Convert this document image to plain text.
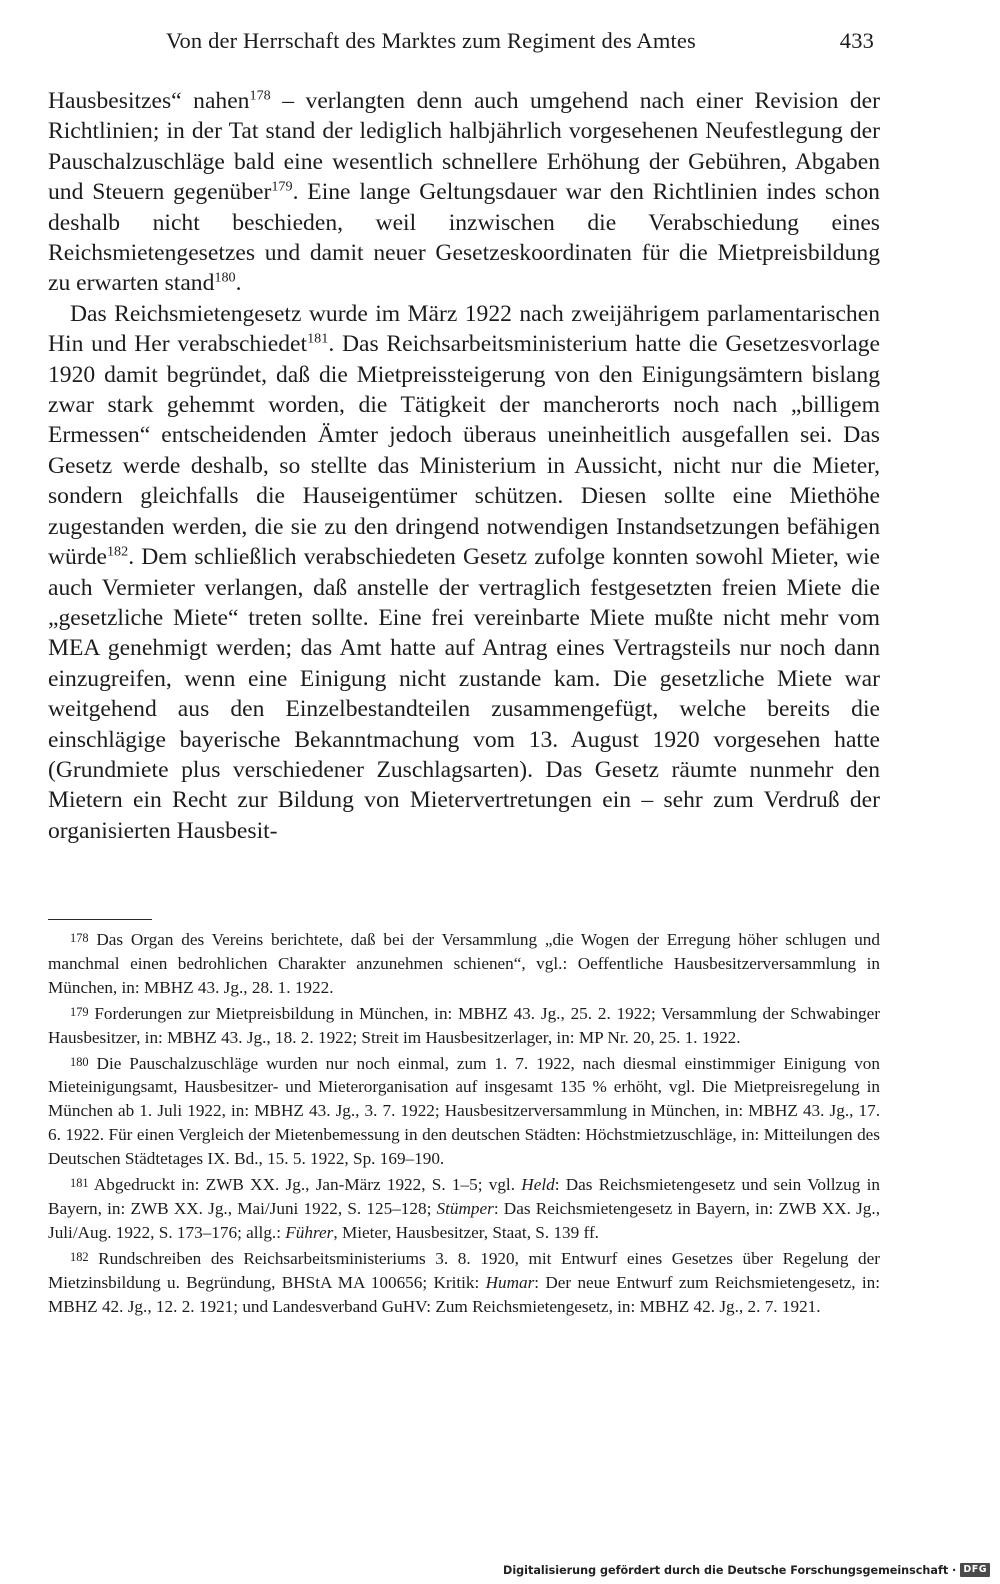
Von der Herrschaft des Marktes zum Regiment des Amtes	433

Hausbesitzes“ nahen$^{178}$ – verlangten denn auch umgehend nach einer Revision der Richtlinien; in der Tat stand der lediglich halbjährlich vorgesehenen Neufestlegung der Pauschalzuschläge bald eine wesentlich schnellere Erhöhung der Gebühren, Abgaben und Steuern gegenüber$^{179}$. Eine lange Geltungsdauer war den Richtlinien indes schon deshalb nicht beschieden, weil inzwischen die Verabschiedung eines Reichsmietengesetzes und damit neuer Gesetzeskoordinaten für die Mietpreisbildung zu erwarten stand$^{180}$.

Das Reichsmietengesetz wurde im März 1922 nach zweijährigem parlamentarischen Hin und Her verabschiedet$^{181}$. Das Reichsarbeitsministerium hatte die Gesetzesvorlage 1920 damit begründet, daß die Mietpreissteigerung von den Einigungsämtern bislang zwar stark gehemmt worden, die Tätigkeit der mancherorts noch nach „billigem Ermessen“ entscheidenden Ämter jedoch überaus uneinheitlich ausgefallen sei. Das Gesetz werde deshalb, so stellte das Ministerium in Aussicht, nicht nur die Mieter, sondern gleichfalls die Hauseigentümer schützen. Diesen sollte eine Miethöhe zugestanden werden, die sie zu den dringend notwendigen Instandsetzungen befähigen würde$^{182}$. Dem schließlich verabschiedeten Gesetz zufolge konnten sowohl Mieter, wie auch Vermieter verlangen, daß anstelle der vertraglich festgesetzten freien Miete die „gesetzliche Miete“ treten sollte. Eine frei vereinbarte Miete mußte nicht mehr vom MEA genehmigt werden; das Amt hatte auf Antrag eines Vertragsteils nur noch dann einzugreifen, wenn eine Einigung nicht zustande kam. Die gesetzliche Miete war weitgehend aus den Einzelbestandteilen zusammengefügt, welche bereits die einschlägige bayerische Bekanntmachung vom 13. August 1920 vorgesehen hatte (Grundmiete plus verschiedener Zuschlagsarten). Das Gesetz räumte nunmehr den Mietern ein Recht zur Bildung von Mietervertretungen ein – sehr zum Verdruß der organisierten Hausbesit-

178 Das Organ des Vereins berichtete, daß bei der Versammlung „die Wogen der Erregung höher schlugen und manchmal einen bedrohlichen Charakter anzunehmen schienen“, vgl.: Oeffentliche Hausbesitzerversammlung in München, in: MBHZ 43. Jg., 28. 1. 1922.

179 Forderungen zur Mietpreisbildung in München, in: MBHZ 43. Jg., 25. 2. 1922; Versammlung der Schwabinger Hausbesitzer, in: MBHZ 43. Jg., 18. 2. 1922; Streit im Hausbesitzerlager, in: MP Nr. 20, 25. 1. 1922.

180 Die Pauschalzuschläge wurden nur noch einmal, zum 1. 7. 1922, nach diesmal einstimmiger Einigung von Mieteinigungsamt, Hausbesitzer- und Mieterorganisation auf insgesamt 135 % erhöht, vgl. Die Mietpreisregelung in München ab 1. Juli 1922, in: MBHZ 43. Jg., 3. 7. 1922; Hausbesitzerversammlung in München, in: MBHZ 43. Jg., 17. 6. 1922. Für einen Vergleich der Mietenbemessung in den deutschen Städten: Höchstmietzuschläge, in: Mitteilungen des Deutschen Städtetages IX. Bd., 15. 5. 1922, Sp. 169–190.

181 Abgedruckt in: ZWB XX. Jg., Jan-März 1922, S. 1–5; vgl. Held: Das Reichsmietengesetz und sein Vollzug in Bayern, in: ZWB XX. Jg., Mai/Juni 1922, S. 125–128; Stümper: Das Reichsmietengesetz in Bayern, in: ZWB XX. Jg., Juli/Aug. 1922, S. 173–176; allg.: Führer, Mieter, Hausbesitzer, Staat, S. 139 ff.

182 Rundschreiben des Reichsarbeitsministeriums 3. 8. 1920, mit Entwurf eines Gesetzes über Regelung der Mietzinsbildung u. Begründung, BHStA MA 100656; Kritik: Humar: Der neue Entwurf zum Reichsmietengesetz, in: MBHZ 42. Jg., 12. 2. 1921; und Landesverband GuHV: Zum Reichsmietengesetz, in: MBHZ 42. Jg., 2. 7. 1921.

Digitalisierung gefördert durch die Deutsche Forschungsgemeinschaft · DFG
